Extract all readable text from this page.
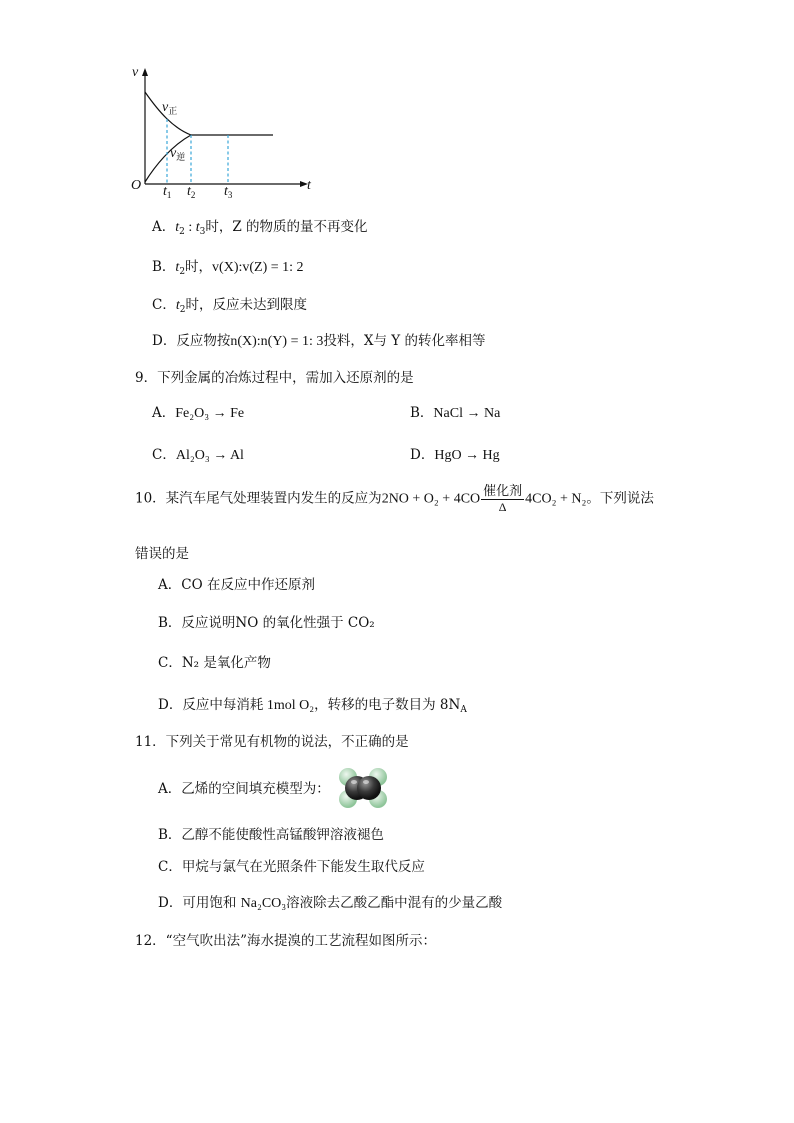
v
t
O
$v_正$
$v_逆$
$t_1$ $t_2$ $t_3$
A．$t_2$ : $t_3$时，Z 的物质的量不再变化
B．$t_2$时，v(X):v(Z) = 1: 2
C．$t_2$时，反应未达到限度
D．反应物按n(X):n(Y) = 1: 3投料，X与 Y 的转化率相等
9．下列金属的冶炼过程中，需加入还原剂的是
A．Fe₂O₃ → Fe	B．NaCl → Na
C．Al₂O₃ → Al	D．HgO → Hg
10．某汽车尾气处理装置内发生的反应为$2NO + O_2 + 4CO \frac{\text{催化剂}}{\Delta} 4CO_2 + N_2$。下列说法
错误的是
A．CO 在反应中作还原剂
B．反应说明NO 的氧化性强于 CO₂
C．N₂ 是氧化产物
D．反应中每消耗 1mol O₂，转移的电子数目为 $8N_A$
11．下列关于常见有机物的说法，不正确的是
A．乙烯的空间填充模型为：
B．乙醇不能使酸性高锰酸钾溶液褪色
C．甲烷与氯气在光照条件下能发生取代反应
D．可用饱和 Na₂CO₃溶液除去乙酸乙酯中混有的少量乙酸
12．“空气吹出法”海水提溴的工艺流程如图所示：
